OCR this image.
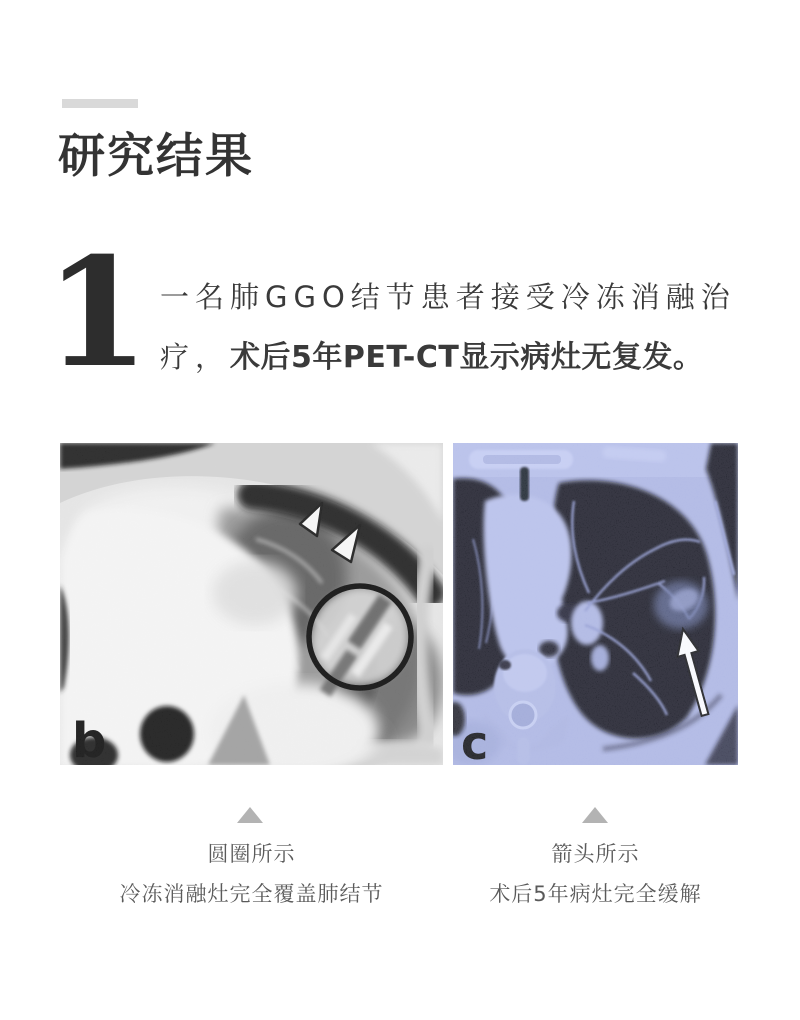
研究结果
1 一名肺GGO结节患者接受冷冻消融治
疗，术后5年PET-CT显示病灶无复发。
b	c
圆圈所示
冷冻消融灶完全覆盖肺结节
箭头所示
术后5年病灶完全缓解
